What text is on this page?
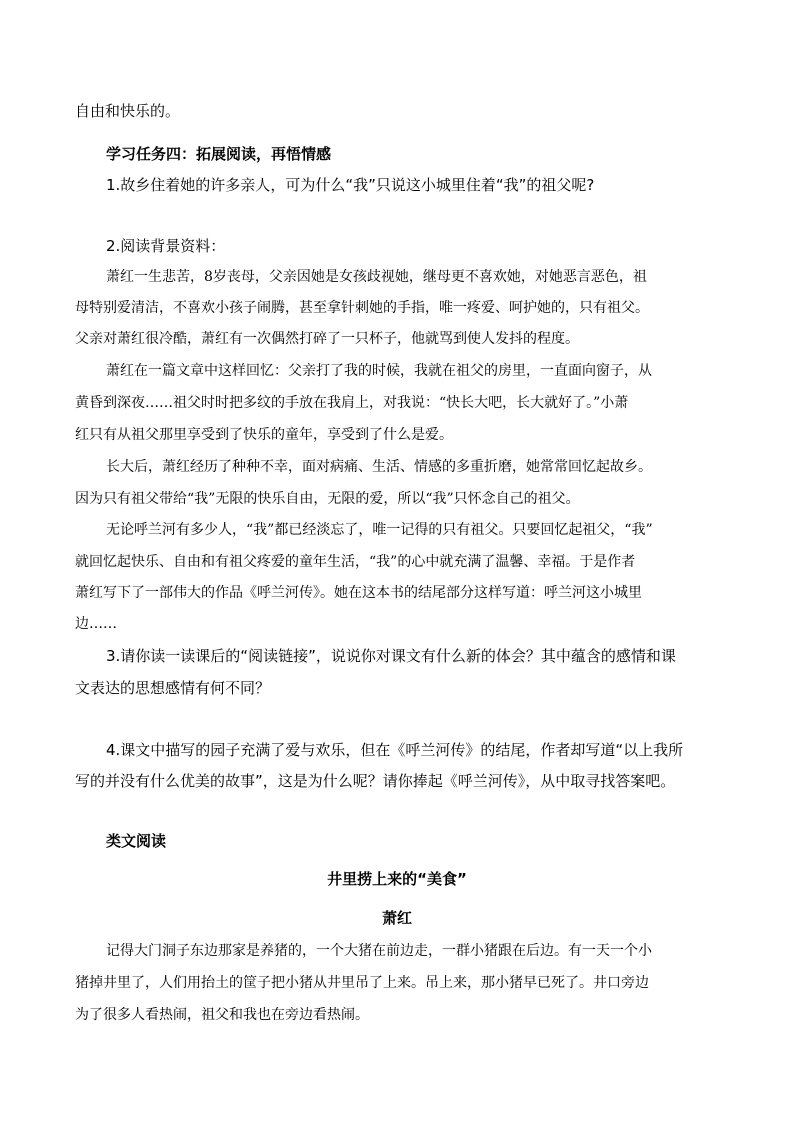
自由和快乐的。
学习任务四：拓展阅读，再悟情感
1.故乡住着她的许多亲人，可为什么“我”只说这小城里住着“我”的祖父呢?
2.阅读背景资料：
萧红一生悲苦，8岁丧母，父亲因她是女孩歧视她，继母更不喜欢她，对她恶言恶色，祖
母特别爱清洁，不喜欢小孩子闹腾，甚至拿针刺她的手指，唯一疼爱、呵护她的，只有祖父。
父亲对萧红很冷酷，萧红有一次偶然打碎了一只杯子，他就骂到使人发抖的程度。
萧红在一篇文章中这样回忆：父亲打了我的时候，我就在祖父的房里，一直面向窗子，从
黄昏到深夜……祖父时时把多纹的手放在我肩上，对我说：“快长大吧，长大就好了。”小萧
红只有从祖父那里享受到了快乐的童年，享受到了什么是爱。
长大后，萧红经历了种种不幸，面对病痛、生活、情感的多重折磨，她常常回忆起故乡。
因为只有祖父带给“我”无限的快乐自由，无限的爱，所以“我”只怀念自己的祖父。
无论呼兰河有多少人，“我”都已经淡忘了，唯一记得的只有祖父。只要回忆起祖父，“我”
就回忆起快乐、自由和有祖父疼爱的童年生活，“我”的心中就充满了温馨、幸福。于是作者
萧红写下了一部伟大的作品《呼兰河传》。她在这本书的结尾部分这样写道：呼兰河这小城里
边……
3.请你读一读课后的“阅读链接”，说说你对课文有什么新的体会？其中蕴含的感情和课
文表达的思想感情有何不同？
4.课文中描写的园子充满了爱与欢乐，但在《呼兰河传》的结尾，作者却写道“以上我所
写的并没有什么优美的故事”，这是为什么呢？请你捧起《呼兰河传》，从中取寻找答案吧。
类文阅读
井里捞上来的“美食”
萧红
记得大门洞子东边那家是养猪的，一个大猪在前边走，一群小猪跟在后边。有一天一个小
猪掉井里了，人们用抬土的筐子把小猪从井里吊了上来。吊上来，那小猪早已死了。井口旁边
为了很多人看热闹，祖父和我也在旁边看热闹。
